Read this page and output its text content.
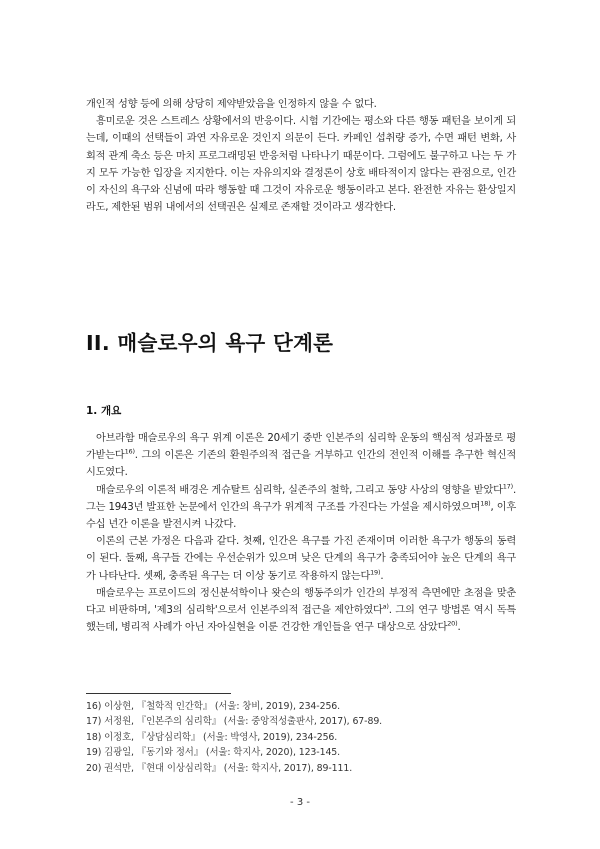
개인적 성향 등에 의해 상당히 제약받았음을 인정하지 않을 수 없다.

흥미로운 것은 스트레스 상황에서의 반응이다. 시험 기간에는 평소와 다른 행동 패턴을 보이게 되는데, 이때의 선택들이 과연 자유로운 것인지 의문이 든다. 카페인 섭취량 증가, 수면 패턴 변화, 사회적 관계 축소 등은 마치 프로그래밍된 반응처럼 나타나기 때문이다. 그럼에도 불구하고 나는 두 가지 모두 가능한 입장을 지지한다. 이는 자유의지와 결정론이 상호 배타적이지 않다는 관점으로, 인간이 자신의 욕구와 신념에 따라 행동할 때 그것이 자유로운 행동이라고 본다. 완전한 자유는 환상일지라도, 제한된 범위 내에서의 선택권은 실제로 존재할 것이라고 생각한다.

II. 매슬로우의 욕구 단계론
1. 개요

아브라함 매슬로우의 욕구 위계 이론은 20세기 중반 인본주의 심리학 운동의 핵심적 성과물로 평가받는다$^{16)}$. 그의 이론은 기존의 환원주의적 접근을 거부하고 인간의 전인적 이해를 추구한 혁신적 시도였다.

매슬로우의 이론적 배경은 게슈탈트 심리학, 실존주의 철학, 그리고 동양 사상의 영향을 받았다$^{17)}$. 그는 1943년 발표한 논문에서 인간의 욕구가 위계적 구조를 가진다는 가설을 제시하였으며$^{18)}$, 이후 수십 년간 이론을 발전시켜 나갔다.

이론의 근본 가정은 다음과 같다. 첫째, 인간은 욕구를 가진 존재이며 이러한 욕구가 행동의 동력이 된다. 둘째, 욕구들 간에는 우선순위가 있으며 낮은 단계의 욕구가 충족되어야 높은 단계의 욕구가 나타난다. 셋째, 충족된 욕구는 더 이상 동기로 작용하지 않는다$^{19)}$.

매슬로우는 프로이드의 정신분석학이나 왓슨의 행동주의가 인간의 부정적 측면에만 초점을 맞춘다고 비판하며, '제3의 심리학'으로서 인본주의적 접근을 제안하였다$^{a)}$. 그의 연구 방법론 역시 독특했는데, 병리적 사례가 아닌 자아실현을 이룬 건강한 개인들을 연구 대상으로 삼았다$^{20)}$.

16) 이상현, 『철학적 인간학』 (서울: 창비, 2019), 234-256.
17) 서정원, 『인본주의 심리학』 (서울: 중앙적성출판사, 2017), 67-89.
18) 이정호, 『상담심리학』 (서울: 박영사, 2019), 234-256.
19) 김광일, 『동기와 정서』 (서울: 학지사, 2020), 123-145.
20) 권석만, 『현대 이상심리학』 (서울: 학지사, 2017), 89-111.
- 3 -
